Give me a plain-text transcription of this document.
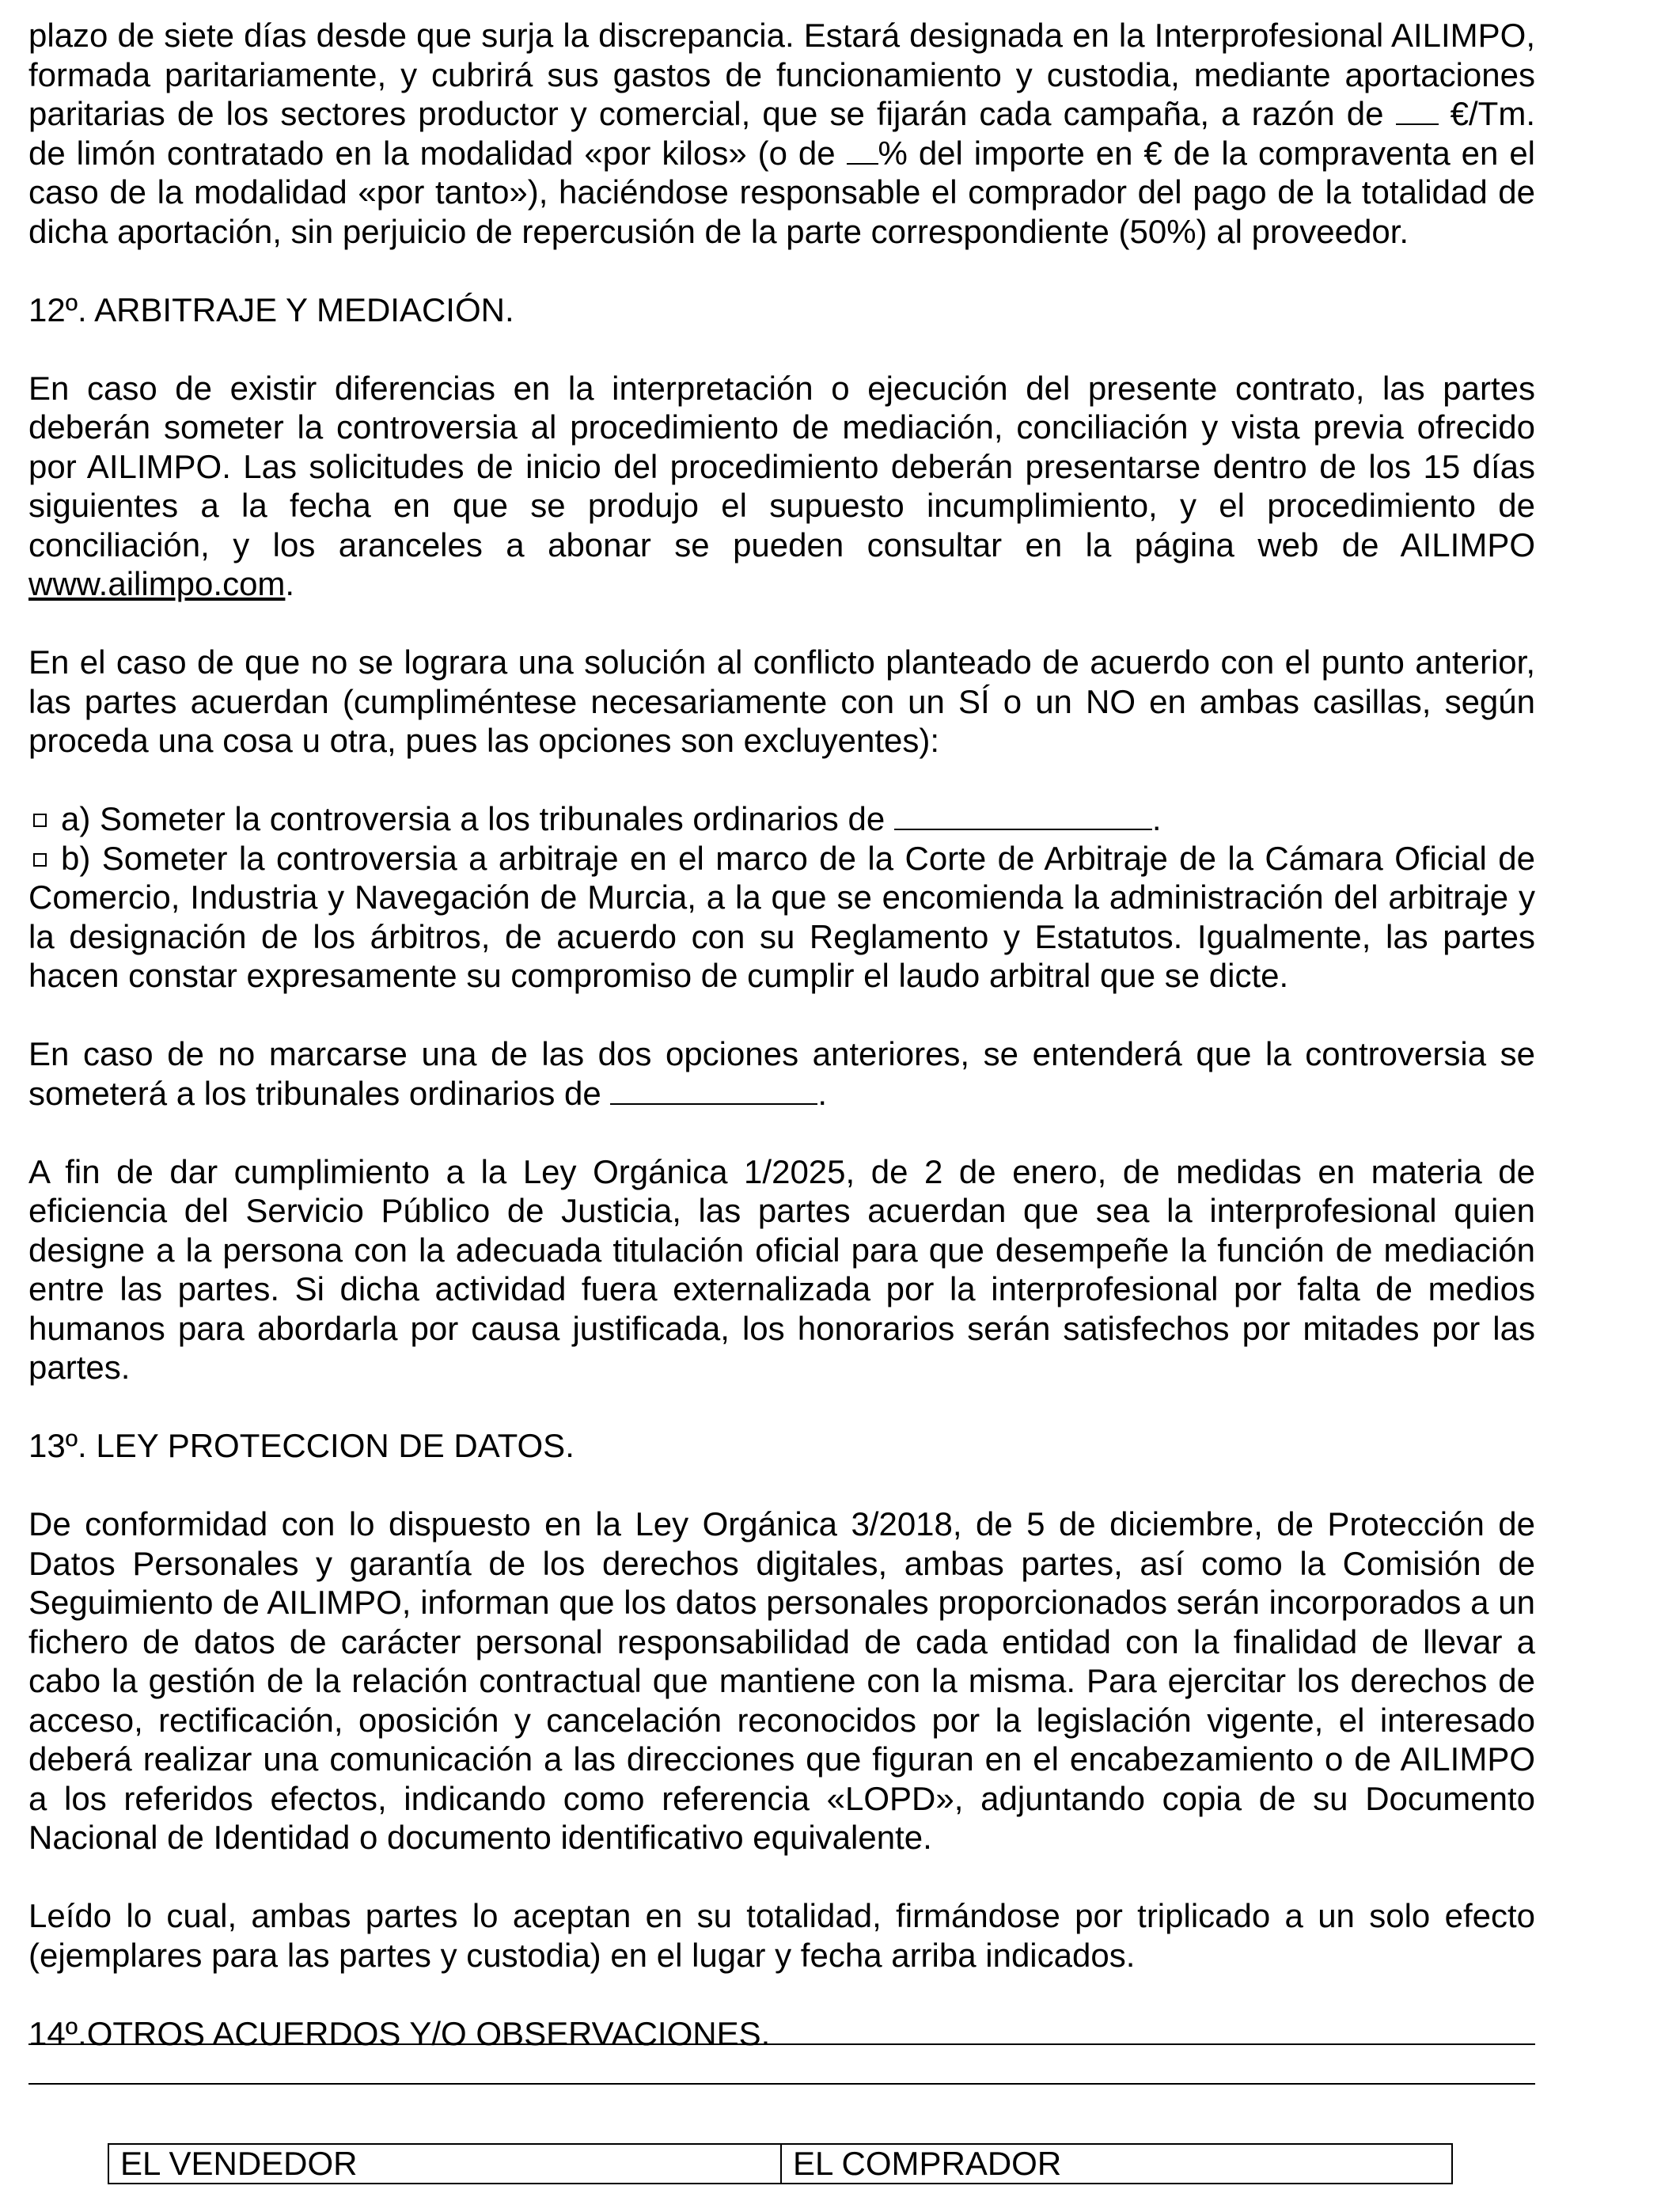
plazo de siete días desde que surja la discrepancia. Estará designada en la Interprofesional AILIMPO, formada paritariamente, y cubrirá sus gastos de funcionamiento y custodia, mediante aportaciones paritarias de los sectores productor y comercial, que se fijarán cada campaña, a razón de  €/Tm. de limón contratado en la modalidad «por kilos» (o de % del importe en € de la compraventa en el caso de la modalidad «por tanto»), haciéndose responsable el comprador del pago de la totalidad de dicha aportación, sin perjuicio de repercusión de la parte correspondiente (50%) al proveedor.

12º. ARBITRAJE Y MEDIACIÓN.

En caso de existir diferencias en la interpretación o ejecución del presente contrato, las partes deberán someter la controversia al procedimiento de mediación, conciliación y vista previa ofrecido por AILIMPO. Las solicitudes de inicio del procedimiento deberán presentarse dentro de los 15 días siguientes a la fecha en que se produjo el supuesto incumplimiento, y el procedimiento de conciliación, y los aranceles a abonar se pueden consultar en la página web de AILIMPO www.ailimpo.com.

En el caso de que no se lograra una solución al conflicto planteado de acuerdo con el punto anterior, las partes acuerdan (cumpliméntese necesariamente con un SÍ o un NO en ambas casillas, según proceda una cosa u otra, pues las opciones son excluyentes):

a) Someter la controversia a los tribunales ordinarios de	.
b) Someter la controversia a arbitraje en el marco de la Corte de Arbitraje de la Cámara Oficial de Comercio, Industria y Navegación de Murcia, a la que se encomienda la administración del arbitraje y la designación de los árbitros, de acuerdo con su Reglamento y Estatutos. Igualmente, las partes hacen constar expresamente su compromiso de cumplir el laudo arbitral que se dicte.

En caso de no marcarse una de las dos opciones anteriores, se entenderá que la controversia se someterá a los tribunales ordinarios de	.

A fin de dar cumplimiento a la Ley Orgánica 1/2025, de 2 de enero, de medidas en materia de eficiencia del Servicio Público de Justicia, las partes acuerdan que sea la interprofesional quien designe a la persona con la adecuada titulación oficial para que desempeñe la función de mediación entre las partes. Si dicha actividad fuera externalizada por la interprofesional por falta de medios humanos para abordarla por causa justificada, los honorarios serán satisfechos por mitades por las partes.

13º. LEY PROTECCION DE DATOS.

De conformidad con lo dispuesto en la Ley Orgánica 3/2018, de 5 de diciembre, de Protección de Datos Personales y garantía de los derechos digitales, ambas partes, así como la Comisión de Seguimiento de AILIMPO, informan que los datos personales proporcionados serán incorporados a un fichero de datos de carácter personal responsabilidad de cada entidad con la finalidad de llevar a cabo la gestión de la relación contractual que mantiene con la misma. Para ejercitar los derechos de acceso, rectificación, oposición y cancelación reconocidos por la legislación vigente, el interesado deberá realizar una comunicación a las direcciones que figuran en el encabezamiento o de AILIMPO a los referidos efectos, indicando como referencia «LOPD», adjuntando copia de su Documento Nacional de Identidad o documento identificativo equivalente.

Leído lo cual, ambas partes lo aceptan en su totalidad, firmándose por triplicado a un solo efecto (ejemplares para las partes y custodia) en el lugar y fecha arriba indicados.

14º.OTROS ACUERDOS Y/O OBSERVACIONES.

EL VENDEDOR	EL COMPRADOR
